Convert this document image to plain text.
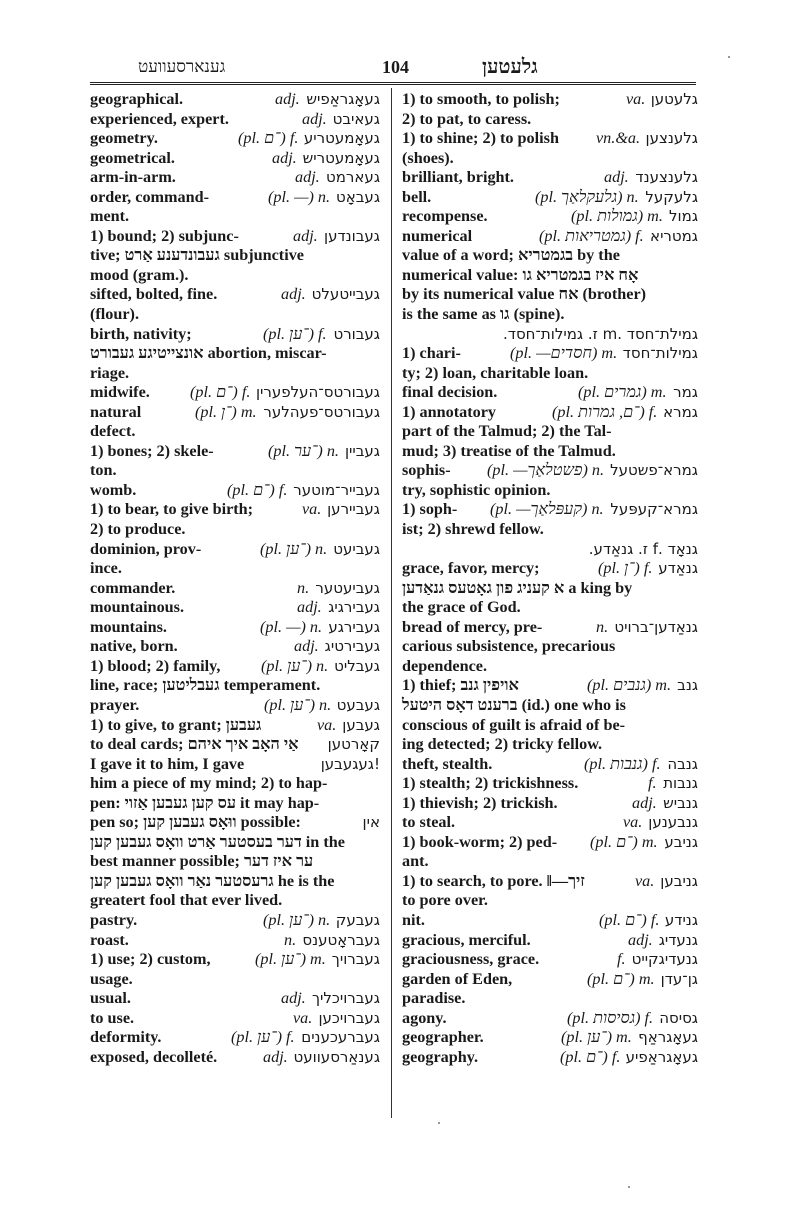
גענארסעוועט	104	גלעטען
geographical.	adj. געאָגראַפיש
experienced, expert.	adj. געאיבט
geometry.	(pl. ־ם) f. געאָמעטריע
geometrical.	adj. געאָמעטריש
arm-in-arm.	adj. געארמט
order, command-	(pl. —) n. געבאָט
ment.
1) bound; 2) subjunc-	adj. געבונדען
tive; געבונדענע אַרט subjunctive
mood (gram.).
sifted, bolted, fine.	adj. געבייטעלט
(flour).
birth, nativity;	(pl. ־ען) f. געבורט
אונצייטיגע געבורט abortion, miscar-
riage.
midwife. (pl. ־ם) f. געבורטס־העלפערין
natural	(pl. ־ן) m. געבורטס־פעהלער
defect.
1) bones; 2) skele-	(pl. ־ער) n. געביין
ton.
womb.	(pl. ־ם) f. געבייר־מוטער
1) to bear, to give birth;	va. געביירען
2) to produce.
dominion, prov-	(pl. ־ען) n. געביעט
ince.
commander.	n. געביעטער
mountainous.	adj. געבירגיג
mountains.	(pl. —) n. געבירגע
native, born.	adj. געבירטיג
1) blood; 2) family,	(pl. ־ען) n. געבליט
line, race; געבליטען temperament.
prayer.	(pl. ־ען) n. געבעט
1) to give, to grant; געבען	va. געבען
to deal cards; אַי האָב איך איהם קאָרטען
I gave it to him, I gave	!געגעבען
him a piece of my mind; 2) to hap-
pen: עס קען געבען אַזוי it may hap-
pen so; ווּאָס געבען קען possible:	אין
דער בעסטער אַרט וואָס געבען קען in the
best manner possible; ער איז דער
גרעסטער נאַר וואָס געבען קען he is the
greatert fool that ever lived.
pastry.	(pl. ־ען) n. געבעק
roast.	n. געבראָטענס
1) use; 2) custom,	(pl. ־ען) m. געברויך
usage.
usual.	adj. געברויכליך
to use.	va. געברויכען
deformity.	(pl. ־ען) f. געברעכענים
exposed, decolleté.	adj. גענאַרסעוועט
1) to smooth, to polish;	va. גלעטען
2) to pat, to caress.
1) to shine; 2) to polish vn.&a. גלענצען
(shoes).
brilliant, bright.	adj. גלענצענד
bell.	(pl. גלעקלאַך) n. גלעקעל
recompense.	(pl. גמולות) m. גמול
numerical	(pl. גמטריאות) f. גמטריא
value of a word; בגמטריא by the
numerical value: אָח איז בגמטריא גו
by its numerical value אח (brother)
is the same as גו (spine).
גמילת־חסד .m ז. גמילות־חסד.
1) chari-	(pl. —חסדים) m. גמילות־חסד
ty; 2) loan, charitable loan.
final decision.	(pl. גמרים) m. גמר
1) annotatory	(pl. ־ם, גמרות) f. גמרא
part of the Talmud; 2) the Tal-
mud; 3) treatise of the Talmud.
sophis- (pl. —פשטלאַך) n. גמרא־פשטעל
try, sophistic opinion.
1) soph- (pl. —קעפּלאַך) n. גמרא־קעפּעל
ist; 2) shrewd fellow.
גנאָד .f ז. גנאַדע.
grace, favor, mercy;	(pl. ־ן) f. גנאַדע
א קעניג פון גאָטעס גנאַדען a king by
the grace of God.
bread of mercy, pre-	n. גנאַדען־ברויט
carious subsistence, precarious
dependence.
1) thief; אויפין גנב	(pl. גנבים) m. גנב
ברענט דאָס היטעל (id.) one who is
conscious of guilt is afraid of be-
ing detected; 2) tricky fellow.
theft, stealth.	(pl. גנבות) f. גנבה
1) stealth; 2) trickishness.	f. גנבות
1) thievish; 2) trickish.	adj. גנביש
to steal.	va. גנבענען
1) book-worm; 2) ped- (pl. ־ם) m. גניבע
ant.
1) to search, to pore. ‖—זיך	va. גניבען
to pore over.
nit.	(pl. ־ם) f. גנידע
gracious, merciful.	adj. גנעדיג
graciousness, grace.	f. גנעדיגקייט
garden of Eden,	(pl. ־ם) m. גן־עדן
paradise.
agony.	(pl. גסיסות) f. גסיסה
geographer.	(pl. ־ען) m. געאָגראַף
geography.	(pl. ־ם) f. געאָגראַפיע
